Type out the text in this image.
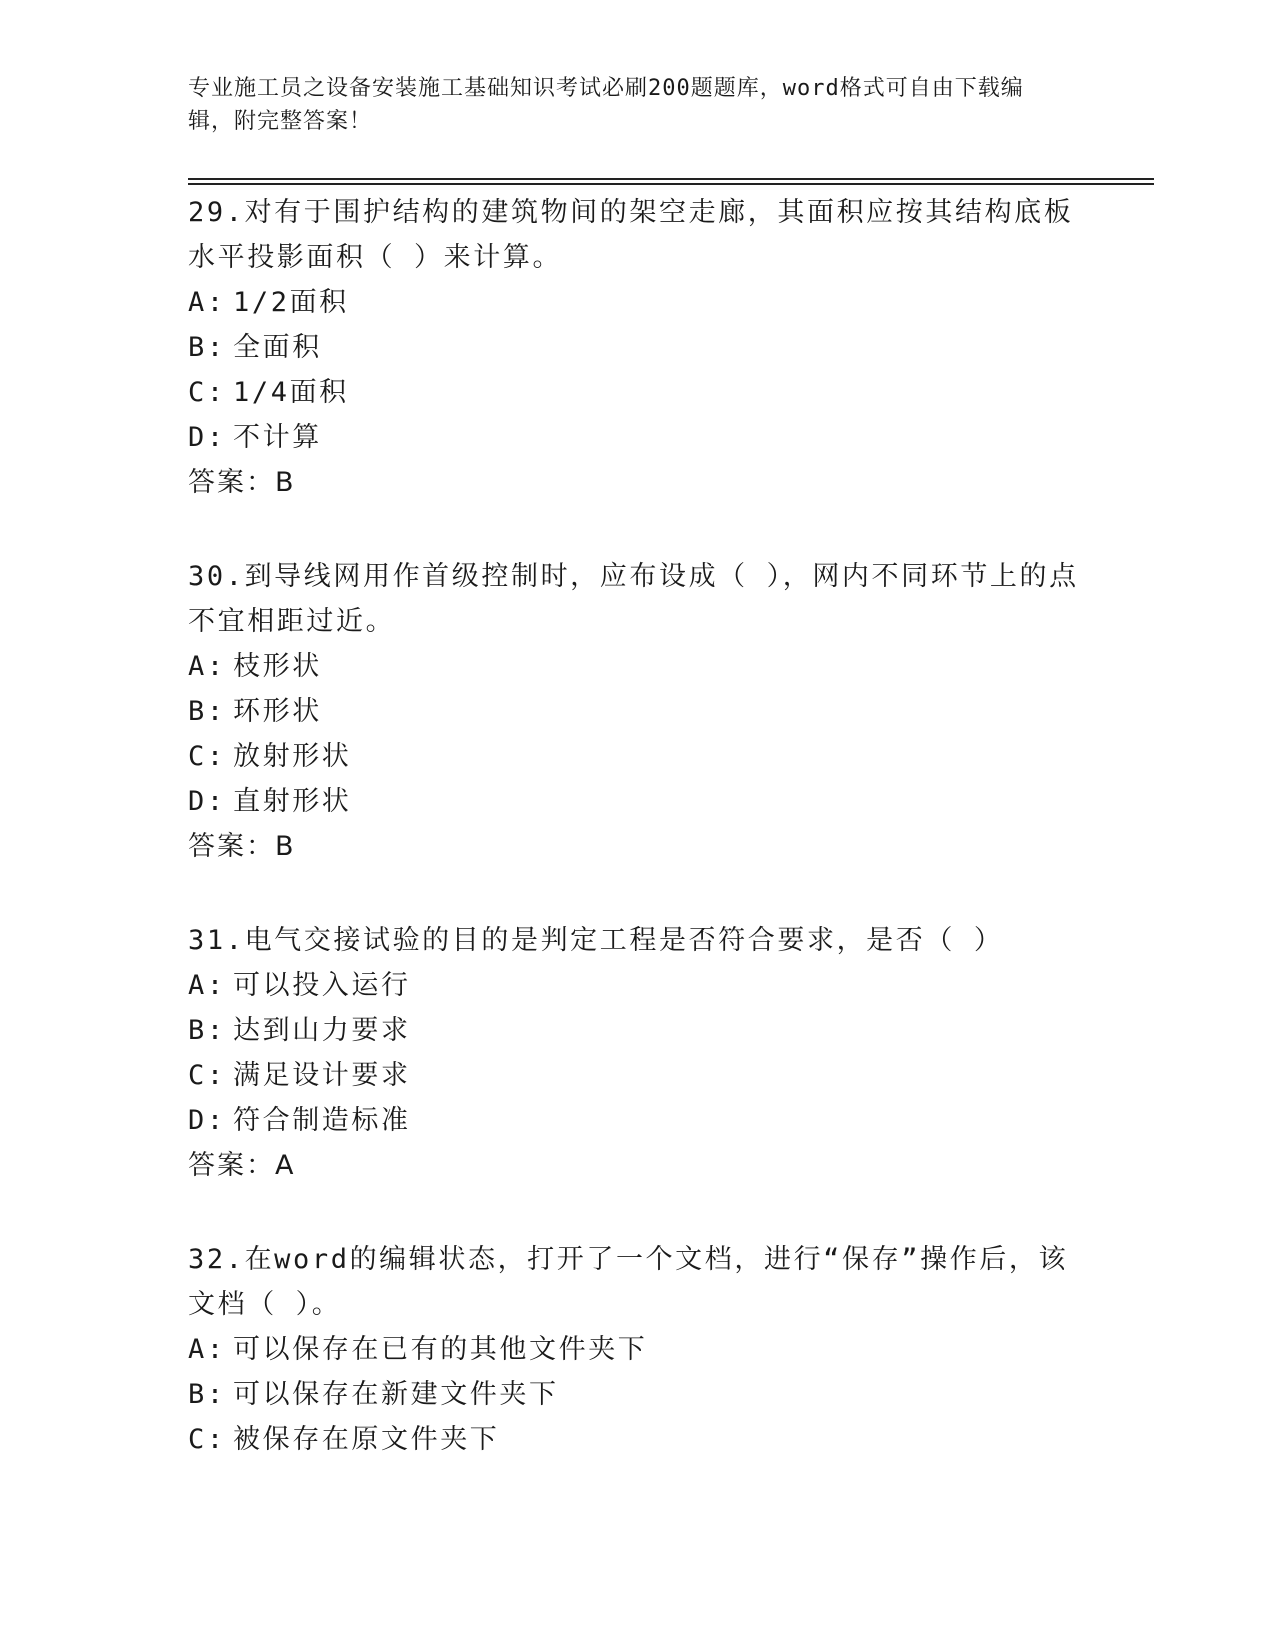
专业施工员之设备安装施工基础知识考试必刷200题题库，word格式可自由下载编辑，附完整答案！

29.对有于围护结构的建筑物间的架空走廊，其面积应按其结构底板水平投影面积（ ）来计算。

A: 1/2面积

B: 全面积

C: 1/4面积

D: 不计算

答案：B

30.到导线网用作首级控制时，应布设成（ ），网内不同环节上的点不宜相距过近。

A: 枝形状

B: 环形状

C: 放射形状

D: 直射形状

答案：B

31.电气交接试验的目的是判定工程是否符合要求，是否（ ）

A: 可以投入运行

B: 达到山力要求

C: 满足设计要求

D: 符合制造标准

答案：A

32.在word的编辑状态，打开了一个文档，进行“保存”操作后，该文档（ ）。

A: 可以保存在已有的其他文件夹下

B: 可以保存在新建文件夹下

C: 被保存在原文件夹下
